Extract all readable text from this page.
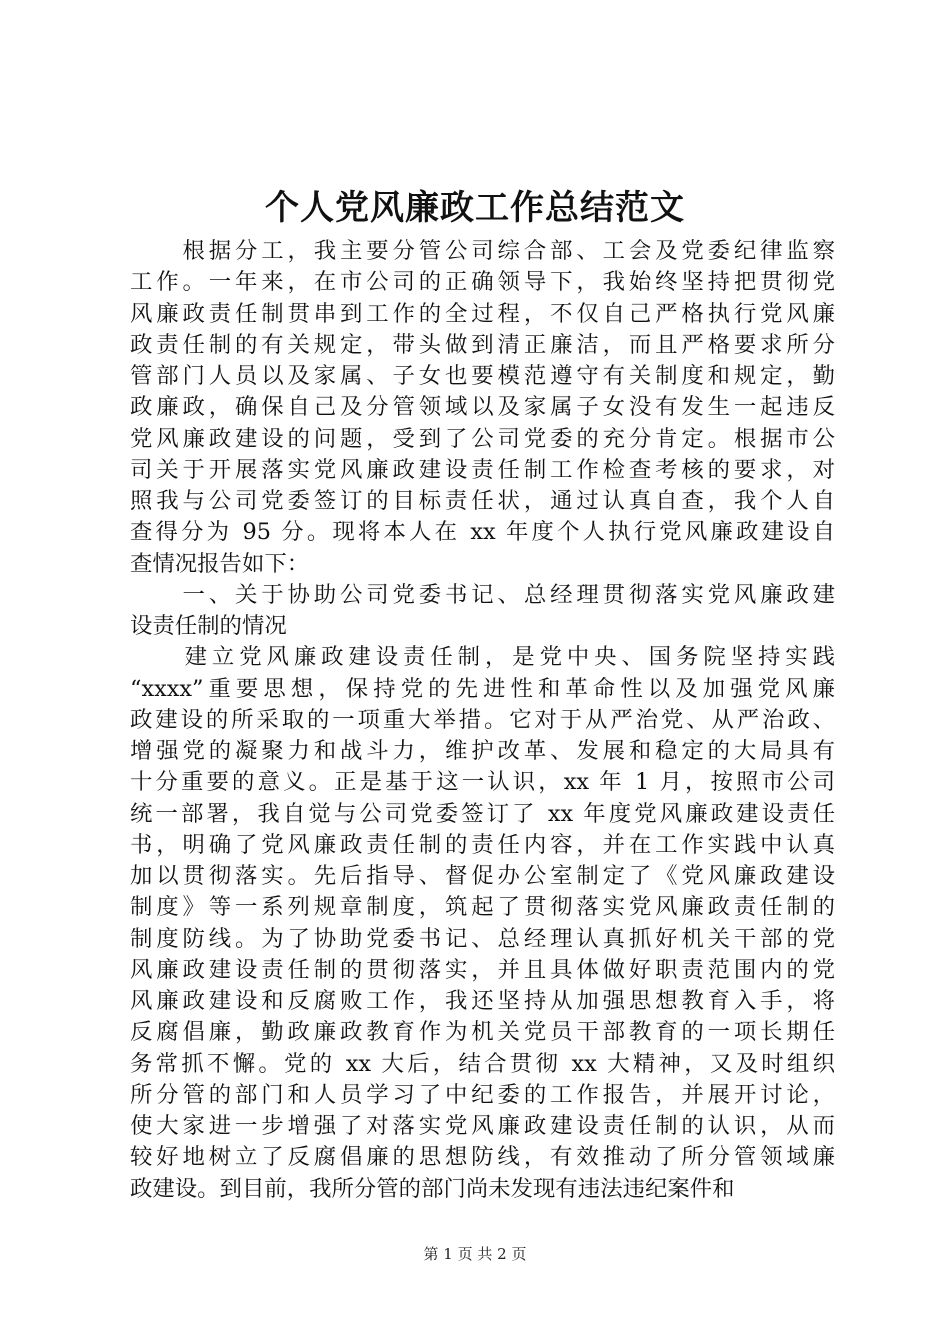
个人党风廉政工作总结范文
　　根据分工，我主要分管公司综合部、工会及党委纪律监察
工作。一年来，在市公司的正确领导下，我始终坚持把贯彻党
风廉政责任制贯串到工作的全过程，不仅自己严格执行党风廉
政责任制的有关规定，带头做到清正廉洁，而且严格要求所分
管部门人员以及家属、子女也要模范遵守有关制度和规定，勤
政廉政，确保自己及分管领域以及家属子女没有发生一起违反
党风廉政建设的问题，受到了公司党委的充分肯定。根据市公
司关于开展落实党风廉政建设责任制工作检查考核的要求，对
照我与公司党委签订的目标责任状，通过认真自查，我个人自
查得分为 95 分。现将本人在 xx 年度个人执行党风廉政建设自
查情况报告如下：
　　一、关于协助公司党委书记、总经理贯彻落实党风廉政建
设责任制的情况
　　建立党风廉政建设责任制，是党中央、国务院坚持实践
“xxxx”重要思想，保持党的先进性和革命性以及加强党风廉
政建设的所采取的一项重大举措。它对于从严治党、从严治政、
增强党的凝聚力和战斗力，维护改革、发展和稳定的大局具有
十分重要的意义。正是基于这一认识，xx 年 1 月，按照市公司
统一部署，我自觉与公司党委签订了 xx 年度党风廉政建设责任
书，明确了党风廉政责任制的责任内容，并在工作实践中认真
加以贯彻落实。先后指导、督促办公室制定了《党风廉政建设
制度》等一系列规章制度，筑起了贯彻落实党风廉政责任制的
制度防线。为了协助党委书记、总经理认真抓好机关干部的党
风廉政建设责任制的贯彻落实，并且具体做好职责范围内的党
风廉政建设和反腐败工作，我还坚持从加强思想教育入手，将
反腐倡廉，勤政廉政教育作为机关党员干部教育的一项长期任
务常抓不懈。党的 xx 大后，结合贯彻 xx 大精神，又及时组织
所分管的部门和人员学习了中纪委的工作报告，并展开讨论，
使大家进一步增强了对落实党风廉政建设责任制的认识，从而
较好地树立了反腐倡廉的思想防线，有效推动了所分管领域廉
政建设。到目前，我所分管的部门尚未发现有违法违纪案件和
第 1 页 共 2 页
